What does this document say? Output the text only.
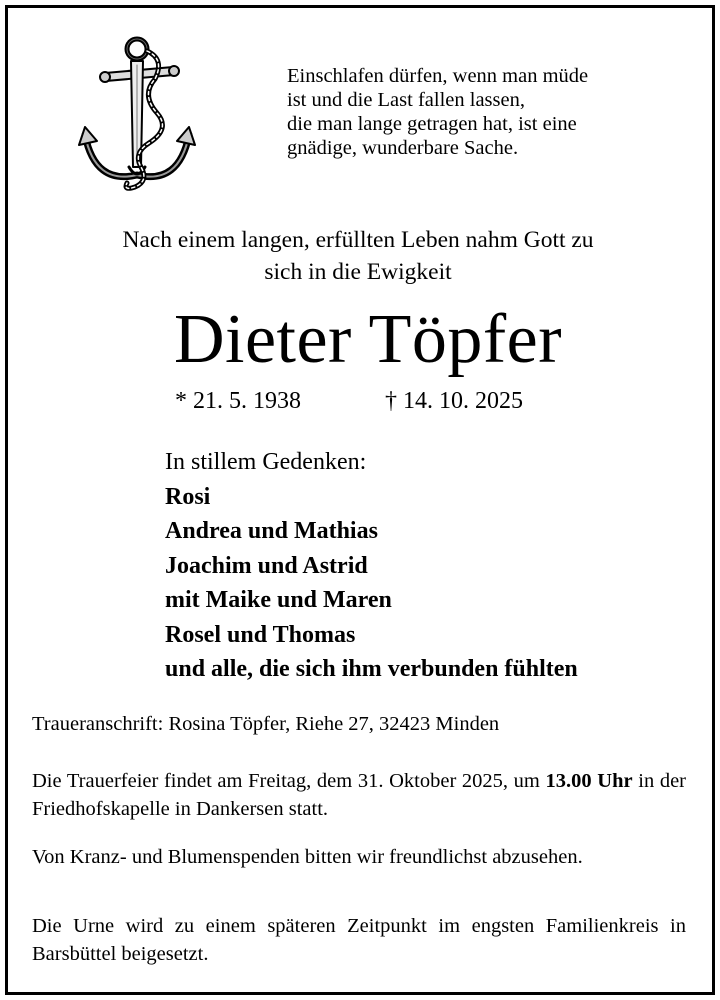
Einschlafen dürfen, wenn man müde
ist und die Last fallen lassen,
die man lange getragen hat, ist eine
gnädige, wunderbare Sache.
Nach einem langen, erfüllten Leben nahm Gott zu
sich in die Ewigkeit
Dieter Töpfer
* 21. 5. 1938	† 14. 10. 2025
In stillem Gedenken:
Rosi
Andrea und Mathias
Joachim und Astrid
mit Maike und Maren
Rosel und Thomas
und alle, die sich ihm verbunden fühlten
Traueranschrift: Rosina Töpfer, Riehe 27, 32423 Minden
Die Trauerfeier findet am Freitag, dem 31. Oktober 2025, um 13.00 Uhr in der Friedhofskapelle in Dankersen statt.
Von Kranz- und Blumenspenden bitten wir freundlichst abzusehen.
Die Urne wird zu einem späteren Zeitpunkt im engsten Familienkreis in Barsbüttel beigesetzt.
